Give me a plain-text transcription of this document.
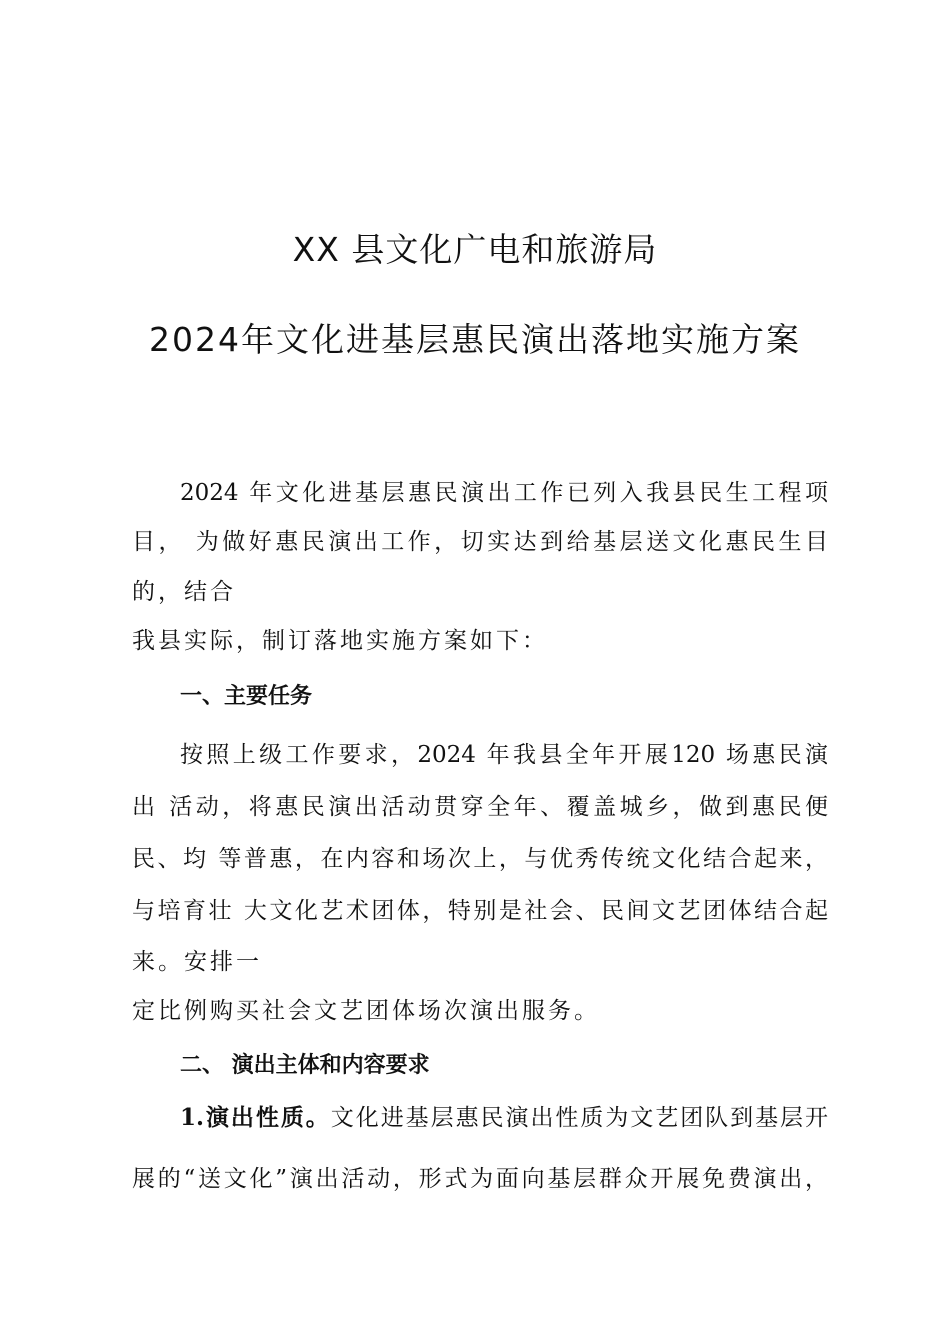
XX 县文化广电和旅游局
2024年文化进基层惠民演出落地实施方案
2024 年文化进基层惠民演出工作已列入我县民生工程项
目， 为做好惠民演出工作，切实达到给基层送文化惠民生目
的，结合
我县实际，制订落地实施方案如下：
一、主要任务
按照上级工作要求，2024 年我县全年开展120 场惠民演
出 活动，将惠民演出活动贯穿全年、覆盖城乡，做到惠民便
民、均 等普惠，在内容和场次上，与优秀传统文化结合起来，
与培育壮 大文化艺术团体，特别是社会、民间文艺团体结合起
来。安排一
定比例购买社会文艺团体场次演出服务。
二、 演出主体和内容要求
1.演出性质。文化进基层惠民演出性质为文艺团队到基层开
展的“送文化”演出活动，形式为面向基层群众开展免费演出，
